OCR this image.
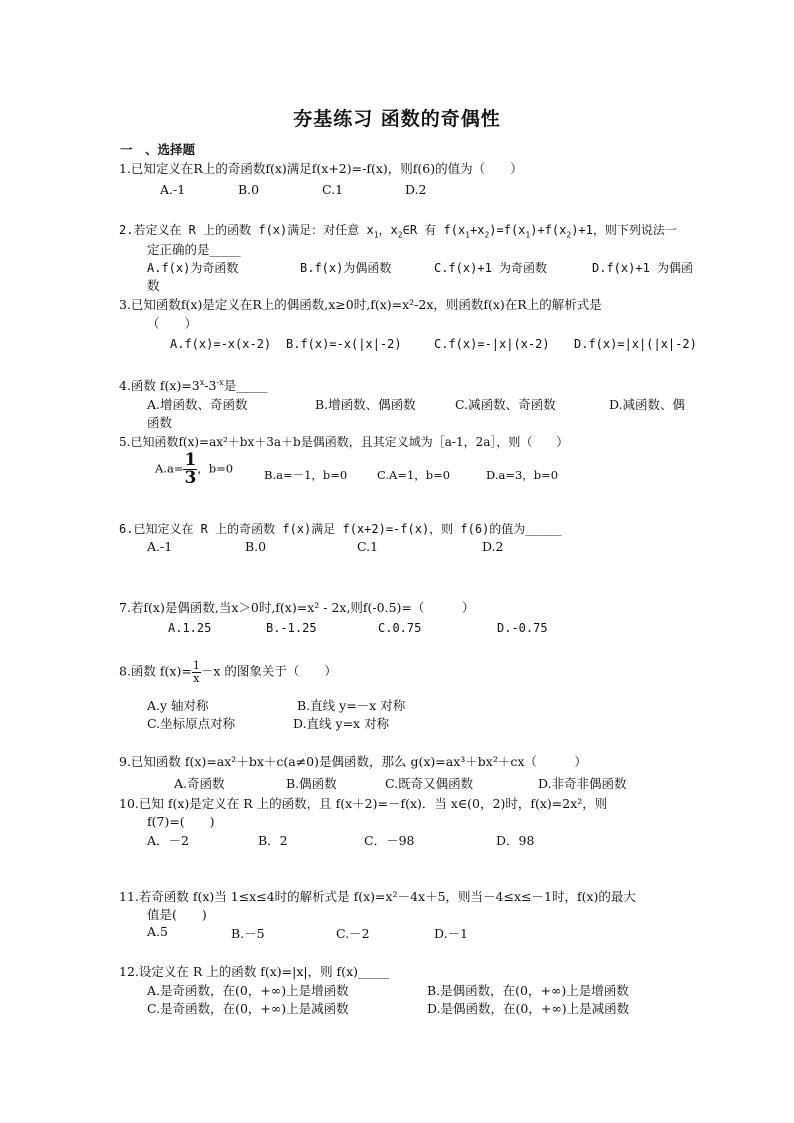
夯基练习 函数的奇偶性
一　、选择题
1.已知定义在R上的奇函数f(x)满足f(x+2)=-f(x)，则f(6)的值为（　　）
A.-1	B.0	C.1	D.2
2.若定义在 R 上的函数 f(x)满足：对任意 $x_1$，$x_2\in R$ 有 $f(x_1+x_2)=f(x_1)+f(x_2)+1$，则下列说法一
定正确的是_____
A.f(x)为奇函数	B.f(x)为偶函数	C.f(x)+1 为奇函数	D.f(x)+1 为偶函
数
3.已知函数f(x)是定义在R上的偶函数,x≥0时,f(x)=x²-2x，则函数f(x)在R上的解析式是
（　　）
A.f(x)=-x(x-2) B.f(x)=-x(|x|-2)	C.f(x)=-|x|(x-2) D.f(x)=|x|(|x|-2)
4.函数 $f(x)=3^x-3^{-x}$是_____
A.增函数、奇函数	B.增函数、偶函数	C.减函数、奇函数	D.减函数、偶
函数
5.已知函数f(x)=ax²＋bx＋3a＋b是偶函数，且其定义域为［a-1，2a］，则（　　）
$A.a= \frac{1}{3}$ ，b=0	B.a=－1，b=0	C.A=1，b=0	D.a=3，b=0
6.已知定义在 R 上的奇函数 f(x)满足 f(x+2)=-f(x)，则 f(6)的值为_____
A.-1	B.0	C.1	D.2
7.若f(x)是偶函数,当x＞0时,f(x)=x² - 2x,则f(-0.5)=（　　　）
A.1.25	B.-1.25	C.0.75	D.-0.75
8.函数 $f(x)= \frac{1}{x} -x$ 的图象关于（　　）
A.y 轴对称	B.直线 y=－x 对称
C.坐标原点对称	D.直线 y=x 对称
9.已知函数 f(x)=ax²＋bx＋c(a≠0)是偶函数，那么 g(x)=ax³＋bx²＋cx（　　　）
A.奇函数	B.偶函数	C.既奇又偶函数	D.非奇非偶函数
10.已知 f(x)是定义在 R 上的函数，且 f(x＋2)=－f(x)．当 x∈(0，2)时，f(x)=2x²，则
f(7)=(　　)
A．－2	B．2	C．－98	D．98
11.若奇函数 f(x)当 1≤x≤4时的解析式是 f(x)=x²－4x＋5，则当－4≤x≤－1时，f(x)的最大
值是(　　)
A.5	B.－5	C.－2	D.－1
12.设定义在 R 上的函数 f(x)=|x|，则 f(x)_____
A.是奇函数，在(0，+∞)上是增函数	B.是偶函数，在(0，+∞)上是增函数
C.是奇函数，在(0，+∞)上是减函数	D.是偶函数，在(0，+∞)上是减函数
